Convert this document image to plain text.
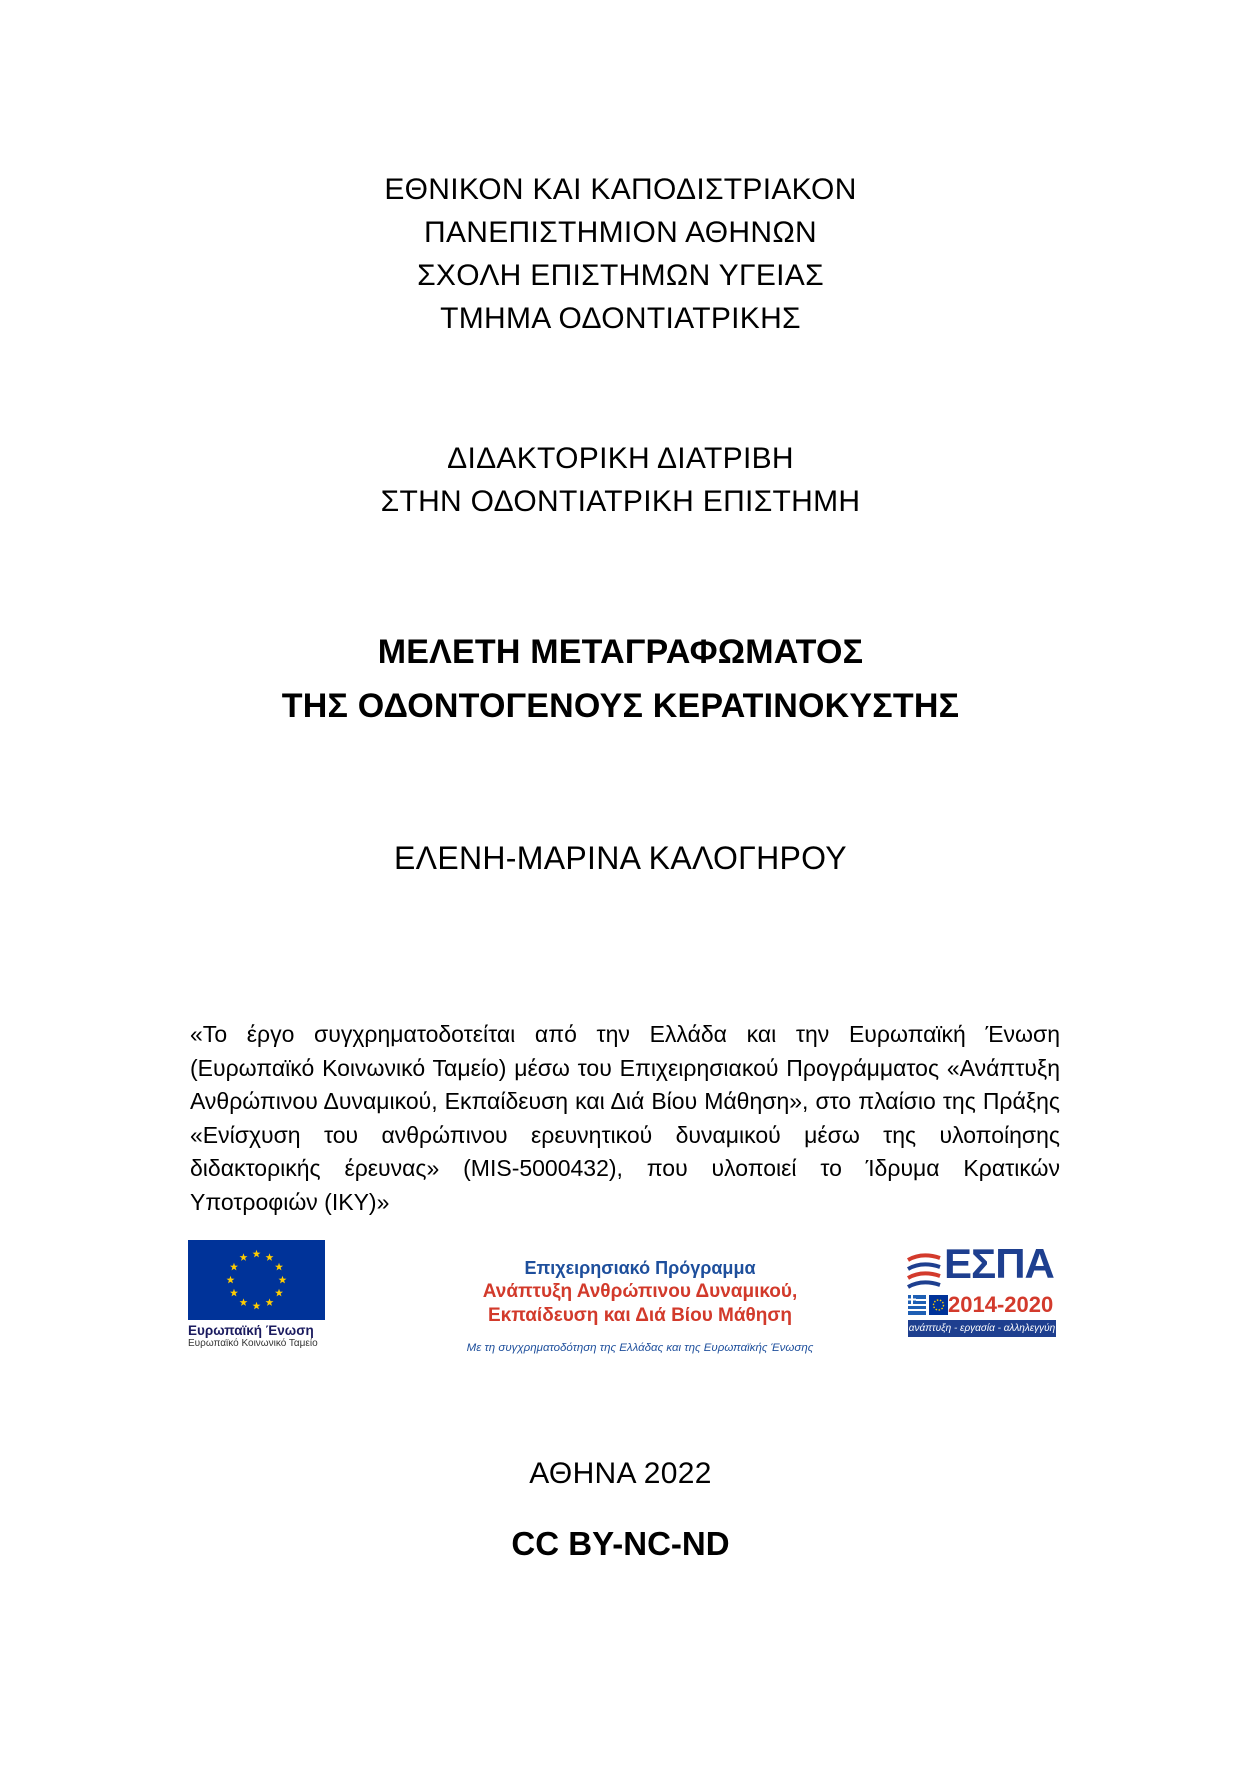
ΕΘΝΙΚΟΝ ΚΑΙ ΚΑΠΟΔΙΣΤΡΙΑΚΟΝ
ΠΑΝΕΠΙΣΤΗΜΙΟΝ ΑΘΗΝΩΝ
ΣΧΟΛΗ ΕΠΙΣΤΗΜΩΝ ΥΓΕΙΑΣ
ΤΜΗΜΑ ΟΔΟΝΤΙΑΤΡΙΚΗΣ
ΔΙΔΑΚΤΟΡΙΚΗ ΔΙΑΤΡΙΒΗ
ΣΤΗΝ ΟΔΟΝΤΙΑΤΡΙΚΗ ΕΠΙΣΤΗΜΗ
ΜΕΛΕΤΗ ΜΕΤΑΓΡΑΦΩΜΑΤΟΣ
ΤΗΣ ΟΔΟΝΤΟΓΕΝΟΥΣ ΚΕΡΑΤΙΝΟΚΥΣΤΗΣ
ΕΛΕΝΗ-ΜΑΡΙΝΑ ΚΑΛΟΓΗΡΟΥ
«Το έργο συγχρηματοδοτείται από την Ελλάδα και την Ευρωπαϊκή Ένωση (Ευρωπαϊκό Κοινωνικό Ταμείο) μέσω του Επιχειρησιακού Προγράμματος «Ανάπτυξη Ανθρώπινου Δυναμικού, Εκπαίδευση και Διά Βίου Μάθηση», στο πλαίσιο της Πράξης «Ενίσχυση του ανθρώπινου ερευνητικού δυναμικού μέσω της υλοποίησης διδακτορικής έρευνας» (MIS-5000432), που υλοποιεί το Ίδρυμα Κρατικών Υποτροφιών (ΙΚΥ)»
Ευρωπαϊκή Ένωση
Ευρωπαϊκό Κοινωνικό Ταμείο
Επιχειρησιακό Πρόγραμμα
Ανάπτυξη Ανθρώπινου Δυναμικού,
Εκπαίδευση και Διά Βίου Μάθηση
Με τη συγχρηματοδότηση της Ελλάδας και της Ευρωπαϊκής Ένωσης
ΕΣΠΑ
2014-2020
ανάπτυξη - εργασία - αλληλεγγύη
ΑΘΗΝΑ 2022
CC BY-NC-ND
